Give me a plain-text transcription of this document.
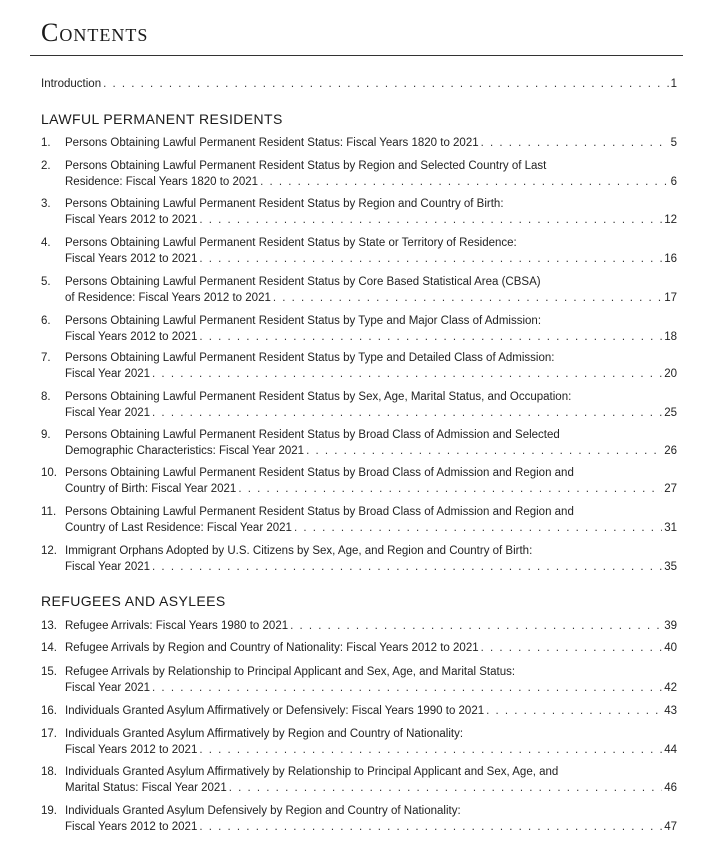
Contents
Introduction . . .	1
LAWFUL PERMANENT RESIDENTS
1.	Persons Obtaining Lawful Permanent Resident Status: Fiscal Years 1820 to 2021 . . .	5
2.	Persons Obtaining Lawful Permanent Resident Status by Region and Selected Country of Last
Residence: Fiscal Years 1820 to 2021 . . .	6
3.	Persons Obtaining Lawful Permanent Resident Status by Region and Country of Birth:
Fiscal Years 2012 to 2021 . . .	12
4.	Persons Obtaining Lawful Permanent Resident Status by State or Territory of Residence:
Fiscal Years 2012 to 2021 . . .	16
5.	Persons Obtaining Lawful Permanent Resident Status by Core Based Statistical Area (CBSA)
of Residence: Fiscal Years 2012 to 2021 . . .	17
6.	Persons Obtaining Lawful Permanent Resident Status by Type and Major Class of Admission:
Fiscal Years 2012 to 2021 . . .	18
7.	Persons Obtaining Lawful Permanent Resident Status by Type and Detailed Class of Admission:
Fiscal Year 2021 . . .	20
8.	Persons Obtaining Lawful Permanent Resident Status by Sex, Age, Marital Status, and Occupation:
Fiscal Year 2021 . . .	25
9.	Persons Obtaining Lawful Permanent Resident Status by Broad Class of Admission and Selected
Demographic Characteristics: Fiscal Year 2021 . . .	26
10. Persons Obtaining Lawful Permanent Resident Status by Broad Class of Admission and Region and
Country of Birth: Fiscal Year 2021 . . .	27
11. Persons Obtaining Lawful Permanent Resident Status by Broad Class of Admission and Region and
Country of Last Residence: Fiscal Year 2021 . . .	31
12. Immigrant Orphans Adopted by U.S. Citizens by Sex, Age, and Region and Country of Birth:
Fiscal Year 2021 . . .	35
REFUGEES AND ASYLEES
13. Refugee Arrivals: Fiscal Years 1980 to 2021 . . .	39
14. Refugee Arrivals by Region and Country of Nationality: Fiscal Years 2012 to 2021 . . .	40
15. Refugee Arrivals by Relationship to Principal Applicant and Sex, Age, and Marital Status:
Fiscal Year 2021 . . .	42
16. Individuals Granted Asylum Affirmatively or Defensively: Fiscal Years 1990 to 2021 . . .	43
17. Individuals Granted Asylum Affirmatively by Region and Country of Nationality:
Fiscal Years 2012 to 2021 . . .	44
18. Individuals Granted Asylum Affirmatively by Relationship to Principal Applicant and Sex, Age, and
Marital Status: Fiscal Year 2021 . . .	46
19. Individuals Granted Asylum Defensively by Region and Country of Nationality:
Fiscal Years 2012 to 2021 . . .	47
